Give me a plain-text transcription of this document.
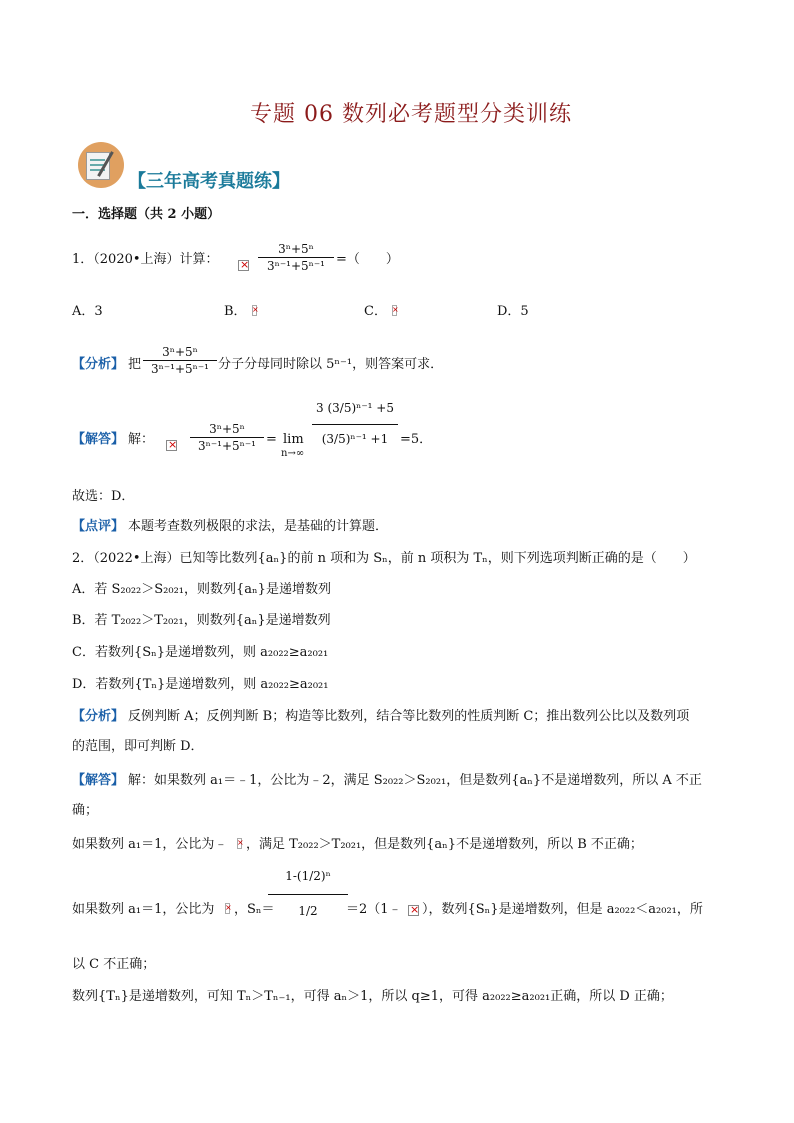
专题 06 数列必考题型分类训练
【三年高考真题练】
一．选择题（共 2 小题）
1．（2020•上海）计算：
×
3ⁿ+5ⁿ
3ⁿ⁻¹+5ⁿ⁻¹ =（　　）
A．3	B． ×	C． ×	D．5
【分析】 把
3ⁿ+5ⁿ
3ⁿ⁻¹+5ⁿ⁻¹ 分子分母同时除以 5ⁿ⁻¹，则答案可求．
【解答】 解：
×
3ⁿ+5ⁿ
3ⁿ⁻¹+5ⁿ⁻¹ = lim
n→∞
3 (3/5)ⁿ⁻¹ +5
(3/5)ⁿ⁻¹ +1 =5．
故选：D．
【点评】 本题考查数列极限的求法，是基础的计算题．
2．（2022•上海）已知等比数列{aₙ}的前 n 项和为 Sₙ，前 n 项积为 Tₙ，则下列选项判断正确的是（　　）
A．若 S₂₀₂₂＞S₂₀₂₁，则数列{aₙ}是递增数列
B．若 T₂₀₂₂＞T₂₀₂₁，则数列{aₙ}是递增数列
C．若数列{Sₙ}是递增数列，则 a₂₀₂₂≥a₂₀₂₁
D．若数列{Tₙ}是递增数列，则 a₂₀₂₂≥a₂₀₂₁
【分析】 反例判断 A；反例判断 B；构造等比数列，结合等比数列的性质判断 C；推出数列公比以及数列项
的范围，即可判断 D．
【解答】 解：如果数列 a₁＝﹣1，公比为﹣2，满足 S₂₀₂₂＞S₂₀₂₁，但是数列{aₙ}不是递增数列，所以 A 不正
确；
如果数列 a₁＝1，公比为﹣ × ，满足 T₂₀₂₂＞T₂₀₂₁，但是数列{aₙ}不是递增数列，所以 B 不正确；
如果数列 a₁＝1，公比为 × ，Sₙ＝
1-(1/2)ⁿ
1/2	＝2（1﹣ × ），数列{Sₙ}是递增数列，但是 a₂₀₂₂＜a₂₀₂₁，所
以 C 不正确；
数列{Tₙ}是递增数列，可知 Tₙ＞Tₙ₋₁，可得 aₙ＞1，所以 q≥1，可得 a₂₀₂₂≥a₂₀₂₁正确，所以 D 正确；
